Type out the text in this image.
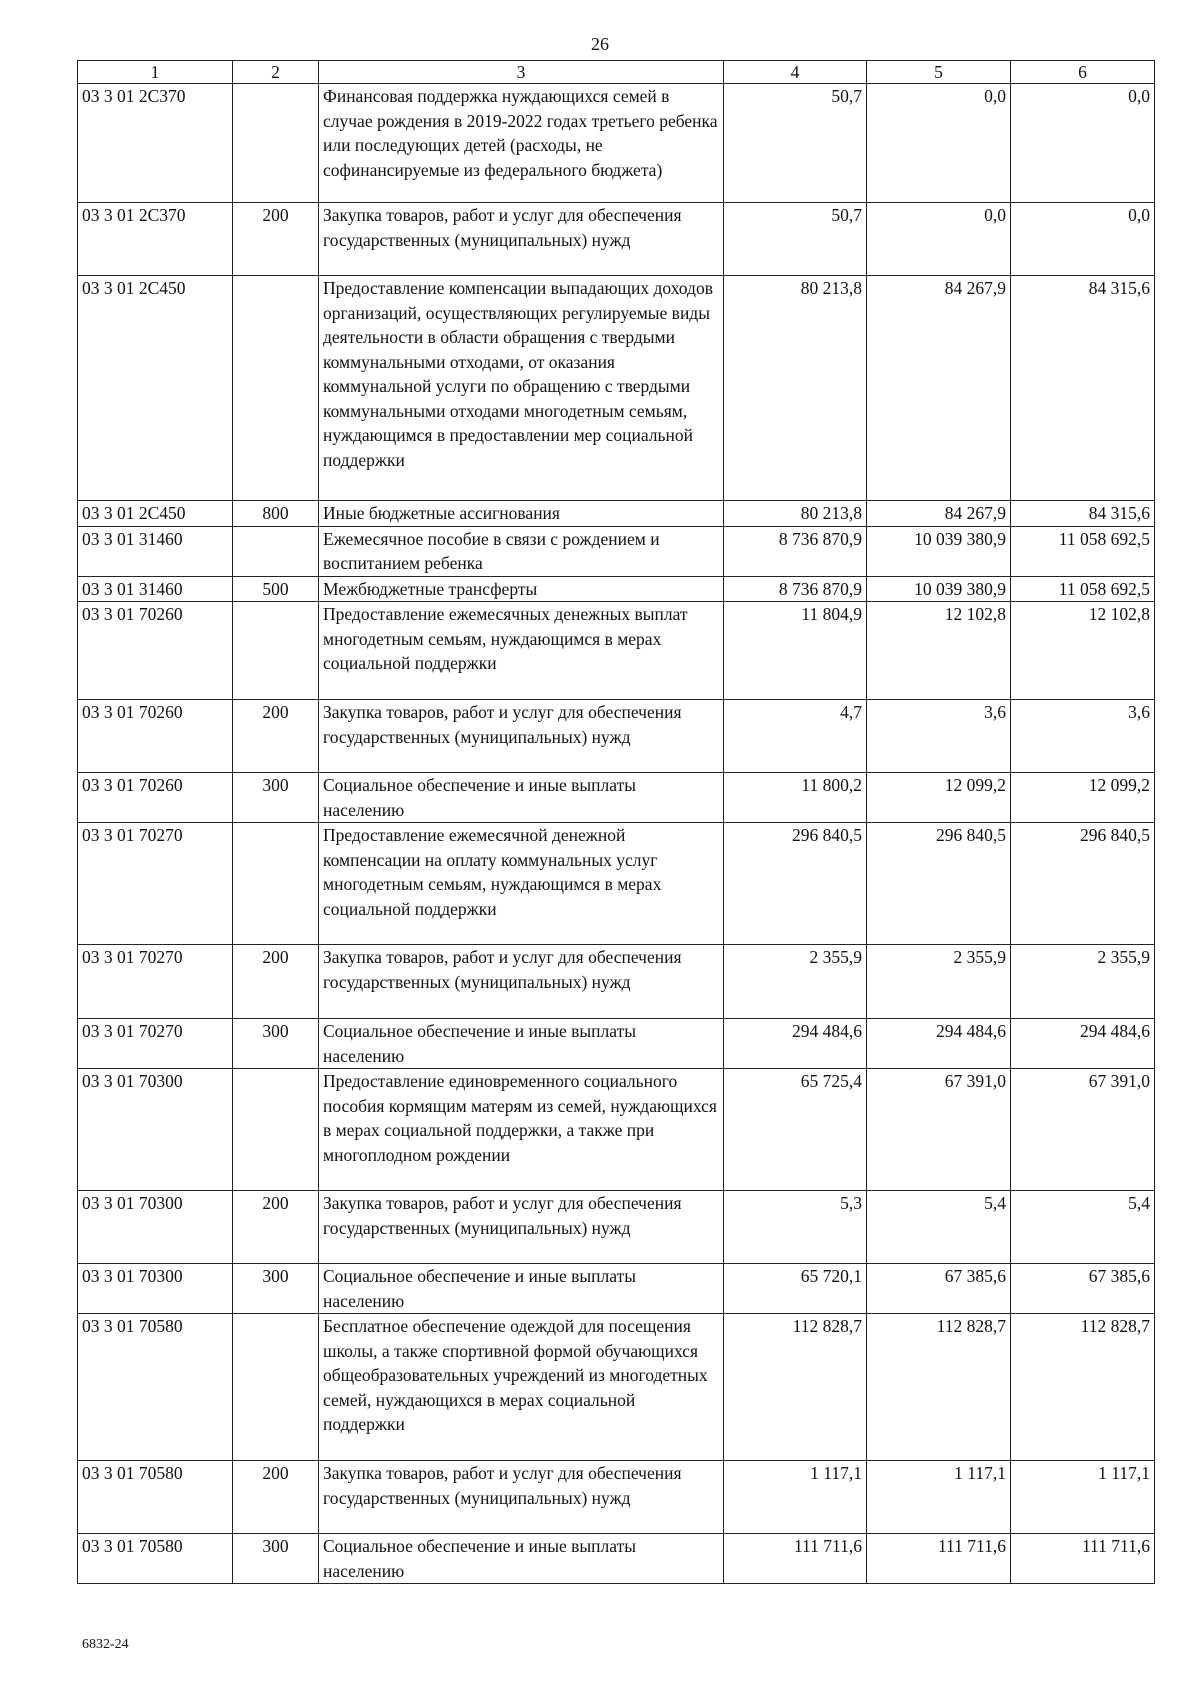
26
1	2	3	4	5	6
03 3 01 2C370		Финансовая поддержка нуждающихся семей в случае рождения в 2019-2022 годах третьего ребенка или последующих детей (расходы, не софинансируемые из федерального бюджета)	50,7	0,0	0,0
03 3 01 2C370	200	Закупка товаров, работ и услуг для обеспечения государственных (муниципальных) нужд	50,7	0,0	0,0
03 3 01 2C450		Предоставление компенсации выпадающих доходов организаций, осуществляющих регулируемые виды деятельности в области обращения с твердыми коммунальными отходами, от оказания коммунальной услуги по обращению с твердыми коммунальными отходами многодетным семьям, нуждающимся в предоставлении мер социальной поддержки	80 213,8	84 267,9	84 315,6
03 3 01 2C450	800	Иные бюджетные ассигнования	80 213,8	84 267,9	84 315,6
03 3 01 31460		Ежемесячное пособие в связи с рождением и воспитанием ребенка	8 736 870,9	10 039 380,9	11 058 692,5
03 3 01 31460	500	Межбюджетные трансферты	8 736 870,9	10 039 380,9	11 058 692,5
03 3 01 70260		Предоставление ежемесячных денежных выплат многодетным семьям, нуждающимся в мерах социальной поддержки	11 804,9	12 102,8	12 102,8
03 3 01 70260	200	Закупка товаров, работ и услуг для обеспечения государственных (муниципальных) нужд	4,7	3,6	3,6
03 3 01 70260	300	Социальное обеспечение и иные выплаты населению	11 800,2	12 099,2	12 099,2
03 3 01 70270		Предоставление ежемесячной денежной компенсации на оплату коммунальных услуг многодетным семьям, нуждающимся в мерах социальной поддержки	296 840,5	296 840,5	296 840,5
03 3 01 70270	200	Закупка товаров, работ и услуг для обеспечения государственных (муниципальных) нужд	2 355,9	2 355,9	2 355,9
03 3 01 70270	300	Социальное обеспечение и иные выплаты населению	294 484,6	294 484,6	294 484,6
03 3 01 70300		Предоставление единовременного социального пособия кормящим матерям из семей, нуждающихся в мерах социальной поддержки, а также при многоплодном рождении	65 725,4	67 391,0	67 391,0
03 3 01 70300	200	Закупка товаров, работ и услуг для обеспечения государственных (муниципальных) нужд	5,3	5,4	5,4
03 3 01 70300	300	Социальное обеспечение и иные выплаты населению	65 720,1	67 385,6	67 385,6
03 3 01 70580		Бесплатное обеспечение одеждой для посещения школы, а также спортивной формой обучающихся общеобразовательных учреждений из многодетных семей, нуждающихся в мерах социальной поддержки	112 828,7	112 828,7	112 828,7
03 3 01 70580	200	Закупка товаров, работ и услуг для обеспечения государственных (муниципальных) нужд	1 117,1	1 117,1	1 117,1
03 3 01 70580	300	Социальное обеспечение и иные выплаты населению	111 711,6	111 711,6	111 711,6
6832-24
